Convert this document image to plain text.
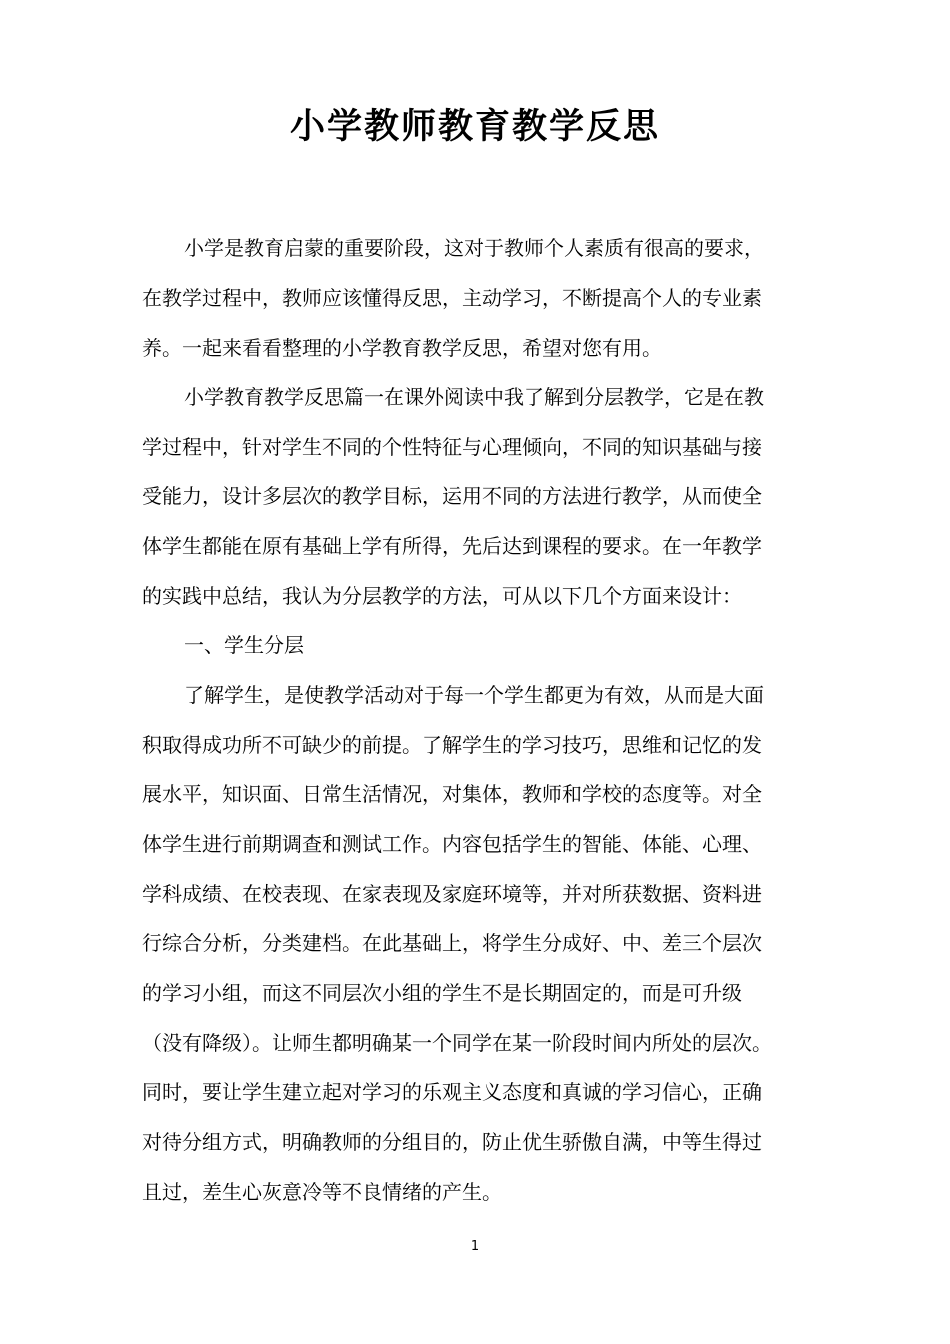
小学教师教育教学反思

小学是教育启蒙的重要阶段，这对于教师个人素质有很高的要求，

在教学过程中，教师应该懂得反思，主动学习，不断提高个人的专业素

养。一起来看看整理的小学教育教学反思，希望对您有用。

小学教育教学反思篇一在课外阅读中我了解到分层教学，它是在教

学过程中，针对学生不同的个性特征与心理倾向，不同的知识基础与接

受能力，设计多层次的教学目标，运用不同的方法进行教学，从而使全

体学生都能在原有基础上学有所得，先后达到课程的要求。在一年教学

的实践中总结，我认为分层教学的方法，可从以下几个方面来设计：

一、学生分层

了解学生，是使教学活动对于每一个学生都更为有效，从而是大面

积取得成功所不可缺少的前提。了解学生的学习技巧，思维和记忆的发

展水平，知识面、日常生活情况，对集体，教师和学校的态度等。对全

体学生进行前期调查和测试工作。内容包括学生的智能、体能、心理、

学科成绩、在校表现、在家表现及家庭环境等，并对所获数据、资料进

行综合分析，分类建档。在此基础上，将学生分成好、中、差三个层次

的学习小组，而这不同层次小组的学生不是长期固定的，而是可升级

（没有降级）。让师生都明确某一个同学在某一阶段时间内所处的层次。

同时，要让学生建立起对学习的乐观主义态度和真诚的学习信心，正确

对待分组方式，明确教师的分组目的，防止优生骄傲自满，中等生得过

且过，差生心灰意冷等不良情绪的产生。

1
